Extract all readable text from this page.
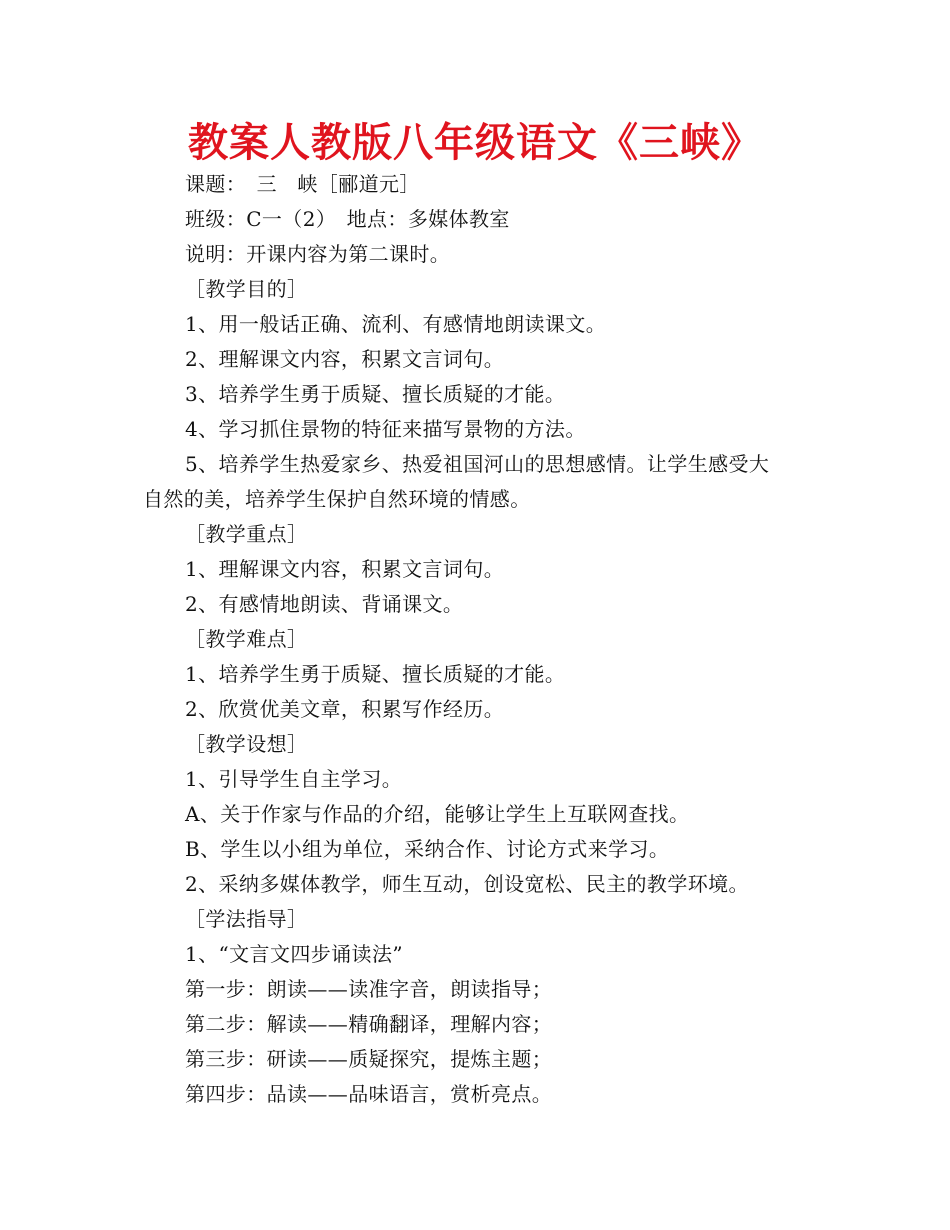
教案人教版八年级语文《三峡》
课题：　三　峡［郦道元］
班级：C一（2）　地点：多媒体教室
说明：开课内容为第二课时。
［教学目的］
1、用一般话正确、流利、有感情地朗读课文。
2、理解课文内容，积累文言词句。
3、培养学生勇于质疑、擅长质疑的才能。
4、学习抓住景物的特征来描写景物的方法。
5、培养学生热爱家乡、热爱祖国河山的思想感情。让学生感受大
自然的美，培养学生保护自然环境的情感。
［教学重点］
1、理解课文内容，积累文言词句。
2、有感情地朗读、背诵课文。
［教学难点］
1、培养学生勇于质疑、擅长质疑的才能。
2、欣赏优美文章，积累写作经历。
［教学设想］
1、引导学生自主学习。
A、关于作家与作品的介绍，能够让学生上互联网查找。
B、学生以小组为单位，采纳合作、讨论方式来学习。
2、采纳多媒体教学，师生互动，创设宽松、民主的教学环境。
［学法指导］
1、“文言文四步诵读法”
第一步：朗读——读准字音，朗读指导；
第二步：解读——精确翻译，理解内容；
第三步：研读——质疑探究，提炼主题；
第四步：品读——品味语言，赏析亮点。
